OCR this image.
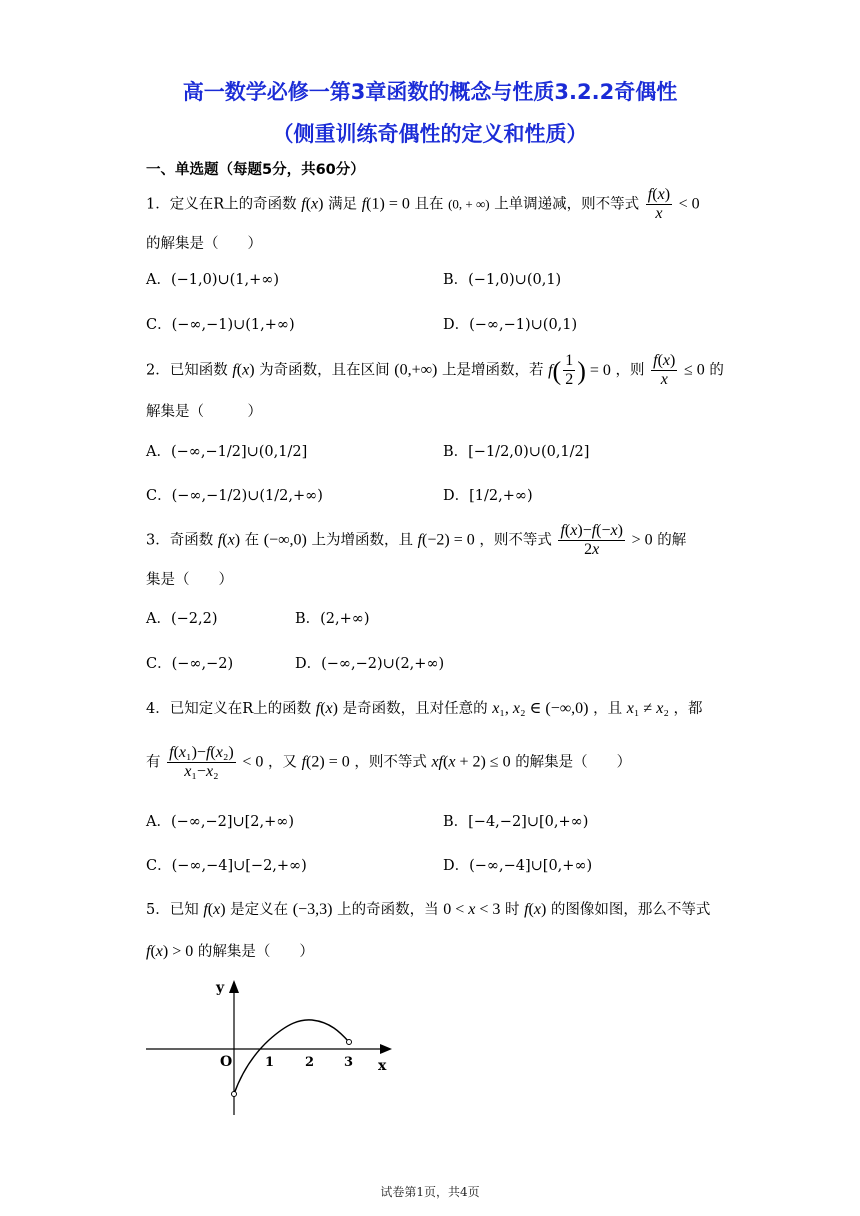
高一数学必修一第3章函数的概念与性质3.2.2奇偶性
（侧重训练奇偶性的定义和性质）
一、单选题（每题5分，共60分）
1．定义在R上的奇函数 f(x) 满足 f(1) = 0 且在 (0, + ∞) 上单调递减，则不等式 $\frac{f(x)}{x} < 0$
的解集是（　　）
A．(−1,0)∪(1,+∞)	B．(−1,0)∪(0,1)
C．(−∞,−1)∪(1,+∞)	D．(−∞,−1)∪(0,1)
2．已知函数 f(x) 为奇函数，且在区间 (0,+∞) 上是增函数，若 $f( \frac{1}{2}$ ) = 0 ，则 $\frac{f(x)}{x} \le 0$ 的
解集是（　　　）
A．(−∞,−1/2]∪(0,1/2]	B．[−1/2,0)∪(0,1/2]
C．(−∞,−1/2)∪(1/2,+∞)	D．[1/2,+∞)
3．奇函数 f(x) 在 (−∞,0) 上为增函数，且 f(−2) = 0 ，则不等式 $\frac{f(x)-f(-x)}{2x} > 0$ 的解
集是（　　）
A．(−2,2)	B．(2,+∞)
C．(−∞,−2)	D．(−∞,−2)∪(2,+∞)
4．已知定义在R上的函数 f(x) 是奇函数，且对任意的 x₁, x₂ ∈ (−∞,0) ，且 x₁ ≠ x₂ ，都
有 $\frac{\text{f(x₁)−f(x₂)}}{\text{x₁−x₂}} < 0$ ，又 f(2) = 0 ，则不等式 xf(x + 2) ≤ 0 的解集是（　　）
A．(−∞,−2]∪[2,+∞)	B．[−4,−2]∪[0,+∞)
C．(−∞,−4]∪[−2,+∞)	D．(−∞,−4]∪[0,+∞)
5．已知 f(x) 是定义在 (−3,3) 上的奇函数，当 0 < x < 3 时 f(x) 的图像如图，那么不等式
f(x) > 0 的解集是（　　）
y
x
O	1 2 3
试卷第1页，共4页
